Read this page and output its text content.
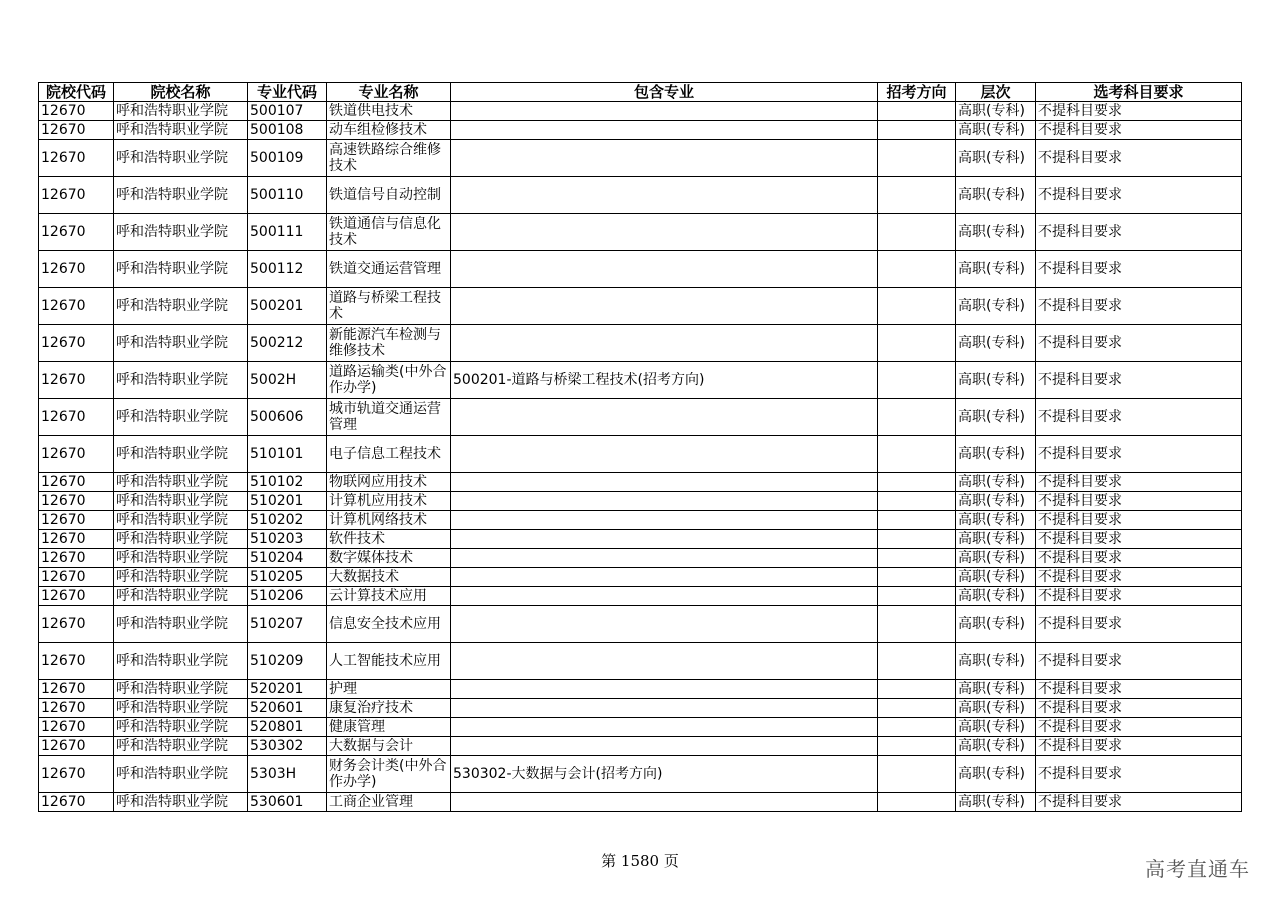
院校代码	院校名称	专业代码	专业名称	包含专业	招考方向	层次	选考科目要求

12670	呼和浩特职业学院	500107	铁道供电技术			高职(专科)	不提科目要求

12670	呼和浩特职业学院	500108	动车组检修技术			高职(专科)	不提科目要求

12670	呼和浩特职业学院	500109	高速铁路综合维修技术			高职(专科)	不提科目要求

12670	呼和浩特职业学院	500110	铁道信号自动控制			高职(专科)	不提科目要求

12670	呼和浩特职业学院	500111	铁道通信与信息化技术			高职(专科)	不提科目要求

12670	呼和浩特职业学院	500112	铁道交通运营管理			高职(专科)	不提科目要求

12670	呼和浩特职业学院	500201	道路与桥梁工程技术			高职(专科)	不提科目要求

12670	呼和浩特职业学院	500212	新能源汽车检测与维修技术			高职(专科)	不提科目要求

12670	呼和浩特职业学院	5002H	道路运输类(中外合作办学)	500201-道路与桥梁工程技术(招考方向)		高职(专科)	不提科目要求

12670	呼和浩特职业学院	500606	城市轨道交通运营管理			高职(专科)	不提科目要求

12670	呼和浩特职业学院	510101	电子信息工程技术			高职(专科)	不提科目要求

12670	呼和浩特职业学院	510102	物联网应用技术			高职(专科)	不提科目要求

12670	呼和浩特职业学院	510201	计算机应用技术			高职(专科)	不提科目要求

12670	呼和浩特职业学院	510202	计算机网络技术			高职(专科)	不提科目要求

12670	呼和浩特职业学院	510203	软件技术			高职(专科)	不提科目要求

12670	呼和浩特职业学院	510204	数字媒体技术			高职(专科)	不提科目要求

12670	呼和浩特职业学院	510205	大数据技术			高职(专科)	不提科目要求

12670	呼和浩特职业学院	510206	云计算技术应用			高职(专科)	不提科目要求

12670	呼和浩特职业学院	510207	信息安全技术应用			高职(专科)	不提科目要求

12670	呼和浩特职业学院	510209	人工智能技术应用			高职(专科)	不提科目要求

12670	呼和浩特职业学院	520201	护理			高职(专科)	不提科目要求

12670	呼和浩特职业学院	520601	康复治疗技术			高职(专科)	不提科目要求

12670	呼和浩特职业学院	520801	健康管理			高职(专科)	不提科目要求

12670	呼和浩特职业学院	530302	大数据与会计			高职(专科)	不提科目要求

12670	呼和浩特职业学院	5303H	财务会计类(中外合作办学)	530302-大数据与会计(招考方向)		高职(专科)	不提科目要求

12670	呼和浩特职业学院	530601	工商企业管理			高职(专科)	不提科目要求
第 1580 页	高考直通车
